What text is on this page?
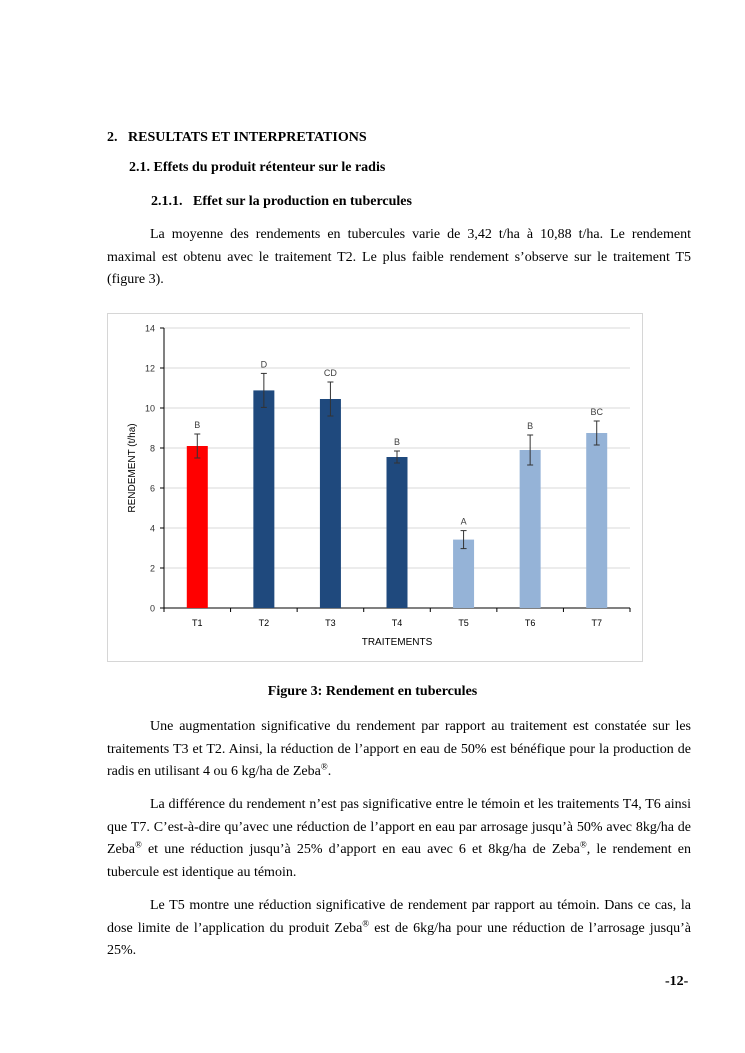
2.   RESULTATS ET INTERPRETATIONS
2.1. Effets du produit rétenteur sur le radis
2.1.1.   Effet sur la production en tubercules

La moyenne des rendements en tubercules varie de 3,42 t/ha à 10,88 t/ha. Le rendement maximal est obtenu avec le traitement T2. Le plus faible rendement s’observe sur le traitement T5 (figure 3).

0
2
4
6
8
10
12
14
B
T1
D
T2
CD
T3
B
T4
A
T5
B
T6
BC
T7
TRAITEMENTS
RENDEMENT (t/ha)

Figure 3: Rendement en tubercules

Une augmentation significative du rendement par rapport au traitement est constatée sur les traitements T3 et T2. Ainsi, la réduction de l’apport en eau de 50% est bénéfique pour la production de radis en utilisant 4 ou 6 kg/ha de Zeba®.

La différence du rendement n’est pas significative entre le témoin et les traitements T4, T6 ainsi que T7. C’est-à-dire qu’avec une réduction de l’apport en eau par arrosage jusqu’à 50% avec 8kg/ha de Zeba® et une réduction jusqu’à 25% d’apport en eau avec 6 et 8kg/ha de Zeba®, le rendement en tubercule est identique au témoin.

Le T5 montre une réduction significative de rendement par rapport au témoin. Dans ce cas, la dose limite de l’application du produit Zeba® est de 6kg/ha pour une réduction de l’arrosage jusqu’à 25%.

-12-
